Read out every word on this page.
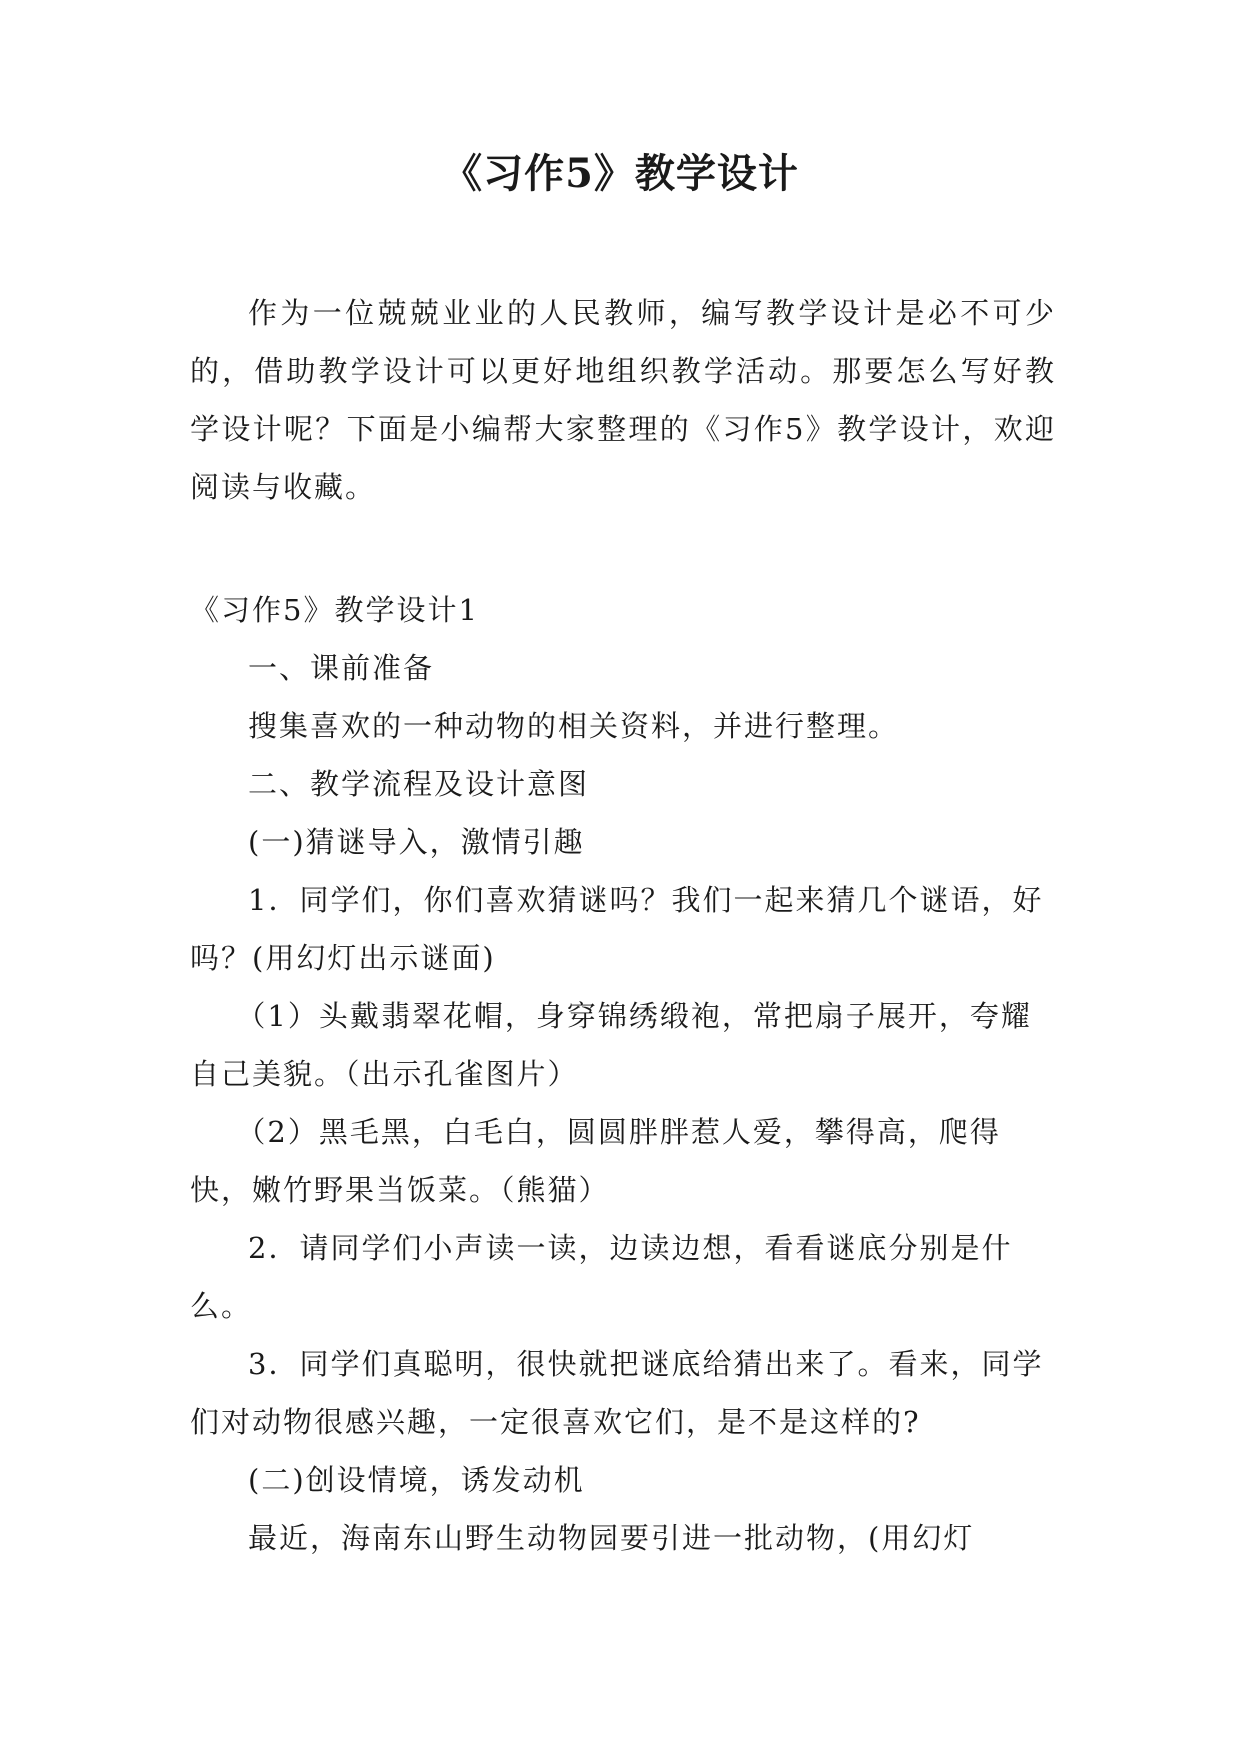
《习作5》教学设计
作为一位兢兢业业的人民教师，编写教学设计是必不可少的，借助教学设计可以更好地组织教学活动。那要怎么写好教学设计呢？下面是小编帮大家整理的《习作5》教学设计，欢迎阅读与收藏。

《习作5》教学设计1

一、课前准备

搜集喜欢的一种动物的相关资料，并进行整理。

二、教学流程及设计意图

(一)猜谜导入，激情引趣

1．同学们，你们喜欢猜谜吗？我们一起来猜几个谜语，好吗？(用幻灯出示谜面)

（1）头戴翡翠花帽，身穿锦绣缎袍，常把扇子展开，夸耀自己美貌。（出示孔雀图片）

（2）黑毛黑，白毛白，圆圆胖胖惹人爱，攀得高，爬得快，嫩竹野果当饭菜。（熊猫）

2．请同学们小声读一读，边读边想，看看谜底分别是什么。

3．同学们真聪明，很快就把谜底给猜出来了。看来，同学们对动物很感兴趣，一定很喜欢它们，是不是这样的?

(二)创设情境，诱发动机

最近，海南东山野生动物园要引进一批动物，(用幻灯
